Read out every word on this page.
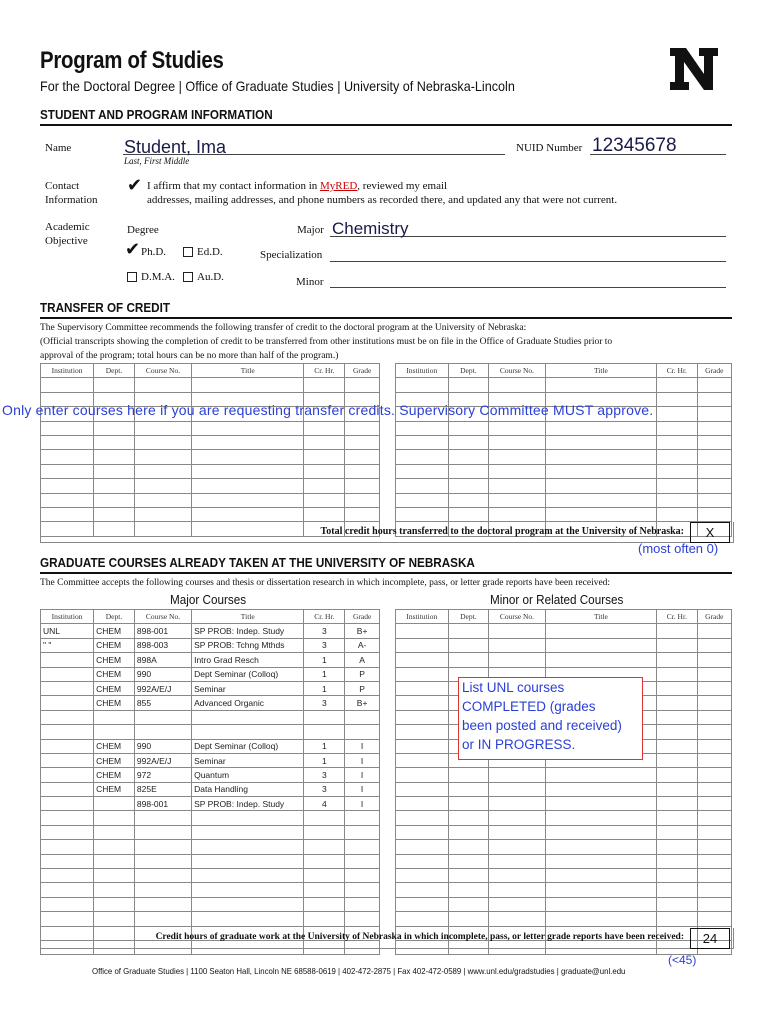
Program of Studies
For the Doctoral Degree | Office of Graduate Studies | University of Nebraska-Lincoln
STUDENT AND PROGRAM INFORMATION
Name	Student, Ima
Last, First Middle
NUID Number 12345678
Contact
Information
✔ I affirm that my contact information in MyRED, reviewed my email
addresses, mailing addresses, and phone numbers as recorded there, and updated any that were not current.
Academic
Objective
Degree
✔ Ph.D.	Ed.D.
D.M.A.	Au.D.
Major Chemistry
Specialization
Minor
TRANSFER OF CREDIT
The Supervisory Committee recommends the following transfer of credit to the doctoral program at the University of Nebraska:
(Official transcripts showing the completion of credit to be transferred from other institutions must be on file in the Office of Graduate Studies prior to
approval of the program; total hours can be no more than half of the program.)
Institution	Dept.	Course No.	Title	Cr. Hr.	Grade

						Institution	Dept.	Course No.	Title	Cr. Hr.	Grade

Only enter courses here if you are requesting transfer credits. Supervisory Committee MUST approve.
Total credit hours transferred to the doctoral program at the University of Nebraska:	X
(most often 0)
GRADUATE COURSES ALREADY TAKEN AT THE UNIVERSITY OF NEBRASKA
The Committee accepts the following courses and thesis or dissertation research in which incomplete, pass, or letter grade reports have been received:
Major Courses	Minor or Related Courses
Institution	Dept.	Course No.	Title	Cr. Hr.	Grade
UNL	CHEM	898-001	SP PROB: Indep. Study	3	B+
" "	CHEM	898-003	SP PROB: Tchng Mthds	3	A-
	CHEM	898A	Intro Grad Resch	1	A
	CHEM	990	Dept Seminar (Colloq)	1	P
	CHEM	992A/E/J	Seminar	1	P
	CHEM	855	Advanced Organic	3	B+

	CHEM	990	Dept Seminar (Colloq)	1	I
	CHEM	992A/E/J	Seminar	1	I
	CHEM	972	Quantum	3	I
	CHEM	825E	Data Handling	3	I
		898-001	SP PROB: Indep. Study	4	I

Institution	Dept.	Course No.	Title	Cr. Hr.	Grade

List UNL courses
COMPLETED (grades
been posted and received)
or IN PROGRESS.
Credit hours of graduate work at the University of Nebraska in which incomplete, pass, or letter grade reports have been received:	24
(<45)
Office of Graduate Studies | 1100 Seaton Hall, Lincoln NE 68588-0619 | 402-472-2875 | Fax 402-472-0589 | www.unl.edu/gradstudies | graduate@unl.edu
